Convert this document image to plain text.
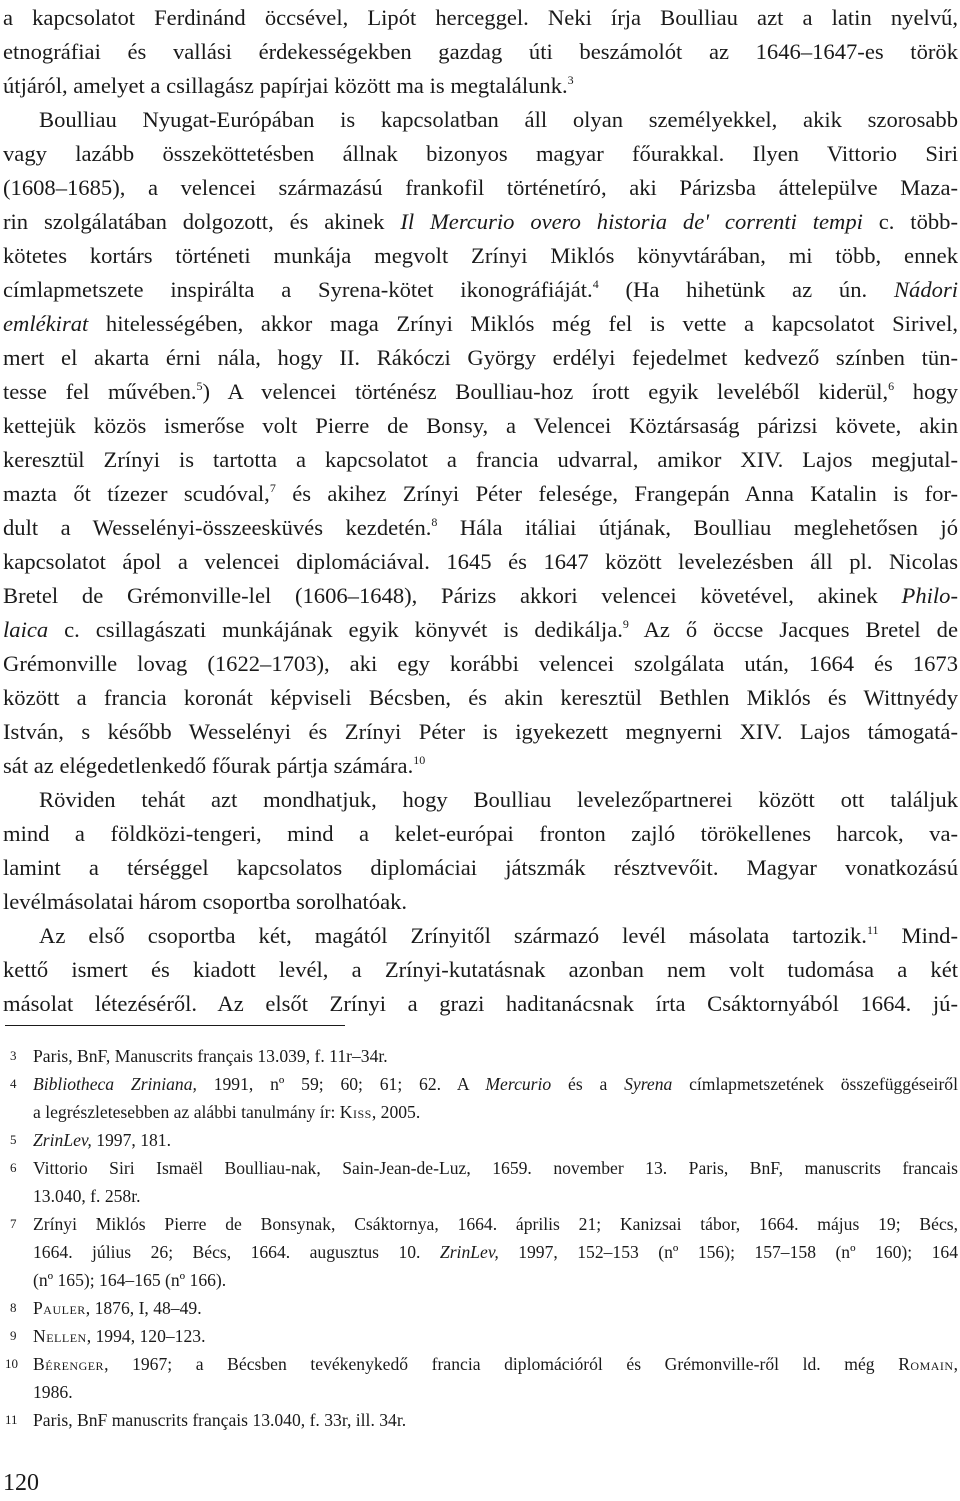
a kapcsolatot Ferdinánd öccsével, Lipót herceggel. Neki írja Boulliau azt a latin nyelvű,
etnográfiai és vallási érdekességekben gazdag úti beszámolót az 1646–1647-es török
útjáról, amelyet a csillagász papírjai között ma is megtalálunk.$^3$
Boulliau Nyugat-Európában is kapcsolatban áll olyan személyekkel, akik szorosabb
vagy lazább összeköttetésben állnak bizonyos magyar főurakkal. Ilyen Vittorio Siri
(1608–1685), a velencei származású frankofil történetíró, aki Párizsba áttelepülve Maza-
rin szolgálatában dolgozott, és akinek Il Mercurio overo historia de' correnti tempi c. több-
kötetes kortárs történeti munkája megvolt Zrínyi Miklós könyvtárában, mi több, ennek
címlapmetszete inspirálta a Syrena-kötet ikonográfiáját.$^4$ (Ha hihetünk az ún. Nádori
emlékirat hitelességében, akkor maga Zrínyi Miklós még fel is vette a kapcsolatot Sirivel,
mert el akarta érni nála, hogy II. Rákóczi György erdélyi fejedelmet kedvező színben tün-
tesse fel művében.$^5$) A velencei történész Boulliau-hoz írott egyik leveléből kiderül,$^6$ hogy
kettejük közös ismerőse volt Pierre de Bonsy, a Velencei Köztársaság párizsi követe, akin
keresztül Zrínyi is tartotta a kapcsolatot a francia udvarral, amikor XIV. Lajos megjutal-
mazta őt tízezer scudóval,$^7$ és akihez Zrínyi Péter felesége, Frangepán Anna Katalin is for-
dult a Wesselényi-összeesküvés kezdetén.$^8$ Hála itáliai útjának, Boulliau meglehetősen jó
kapcsolatot ápol a velencei diplomáciával. 1645 és 1647 között levelezésben áll pl. Nicolas
Bretel de Grémonville-lel (1606–1648), Párizs akkori velencei követével, akinek Philo-
laica c. csillagászati munkájának egyik könyvét is dedikálja.$^9$ Az ő öccse Jacques Bretel de
Grémonville lovag (1622–1703), aki egy korábbi velencei szolgálata után, 1664 és 1673
között a francia koronát képviseli Bécsben, és akin keresztül Bethlen Miklós és Wittnyédy
István, s később Wesselényi és Zrínyi Péter is igyekezett megnyerni XIV. Lajos támogatá-
sát az elégedetlenkedő főurak pártja számára.$^{10}$
Röviden tehát azt mondhatjuk, hogy Boulliau levelezőpartnerei között ott találjuk
mind a földközi-tengeri, mind a kelet-európai fronton zajló törökellenes harcok, va-
lamint a térséggel kapcsolatos diplomáciai játszmák résztvevőit. Magyar vonatkozású
levélmásolatai három csoportba sorolhatóak.
Az első csoportba két, magától Zrínyitől származó levél másolata tartozik.$^{11}$ Mind-
kettő ismert és kiadott levél, a Zrínyi-kutatásnak azonban nem volt tudomása a két
másolat létezéséről. Az elsőt Zrínyi a grazi haditanácsnak írta Csáktornyából 1664. jú-
3 Paris, BnF, Manuscrits français 13.039, f. 11r–34r.
4 Bibliotheca Zriniana, 1991, nº 59; 60; 61; 62. A Mercurio és a Syrena címlapmetszetének összefüggéseiről
a legrészletesebben az alábbi tanulmány ír: Kiss, 2005.
5 ZrinLev, 1997, 181.
6 Vittorio Siri Ismaël Boulliau-nak, Sain-Jean-de-Luz, 1659. november 13. Paris, BnF, manuscrits francais
13.040, f. 258r.
7 Zrínyi Miklós Pierre de Bonsynak, Csáktornya, 1664. április 21; Kanizsai tábor, 1664. május 19; Bécs,
1664. július 26; Bécs, 1664. augusztus 10. ZrinLev, 1997, 152–153 (nº 156); 157–158 (nº 160); 164
(nº 165); 164–165 (nº 166).
8 Pauler, 1876, I, 48–49.
9 Nellen, 1994, 120–123.
10 Bérenger, 1967; a Bécsben tevékenykedő francia diplomációról és Grémonville-ről ld. még Romain,
1986.
11 Paris, BnF manuscrits français 13.040, f. 33r, ill. 34r.
120
